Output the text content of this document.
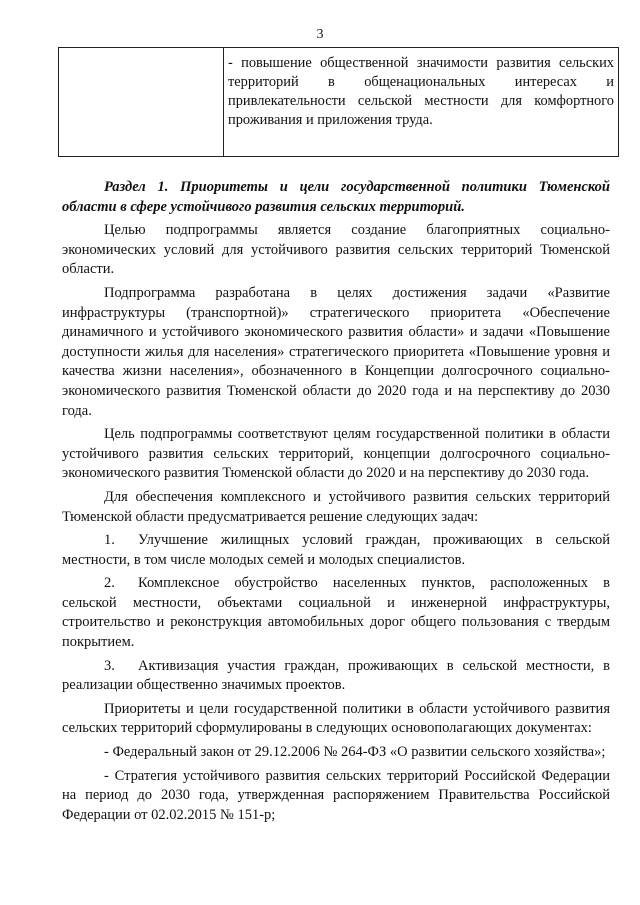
3
- повышение общественной значимости развития сельских территорий в общенациональных интересах и привлекательности сельской местности для комфортного проживания и приложения труда.

Раздел 1. Приоритеты и цели государственной политики Тюменской области в сфере устойчивого развития сельских территорий.

Целью подпрограммы является создание благоприятных социально-экономических условий для устойчивого развития сельских территорий Тюменской области.

Подпрограмма разработана в целях достижения задачи «Развитие инфраструктуры (транспортной)» стратегического приоритета «Обеспечение динамичного и устойчивого экономического развития области» и задачи «Повышение доступности жилья для населения» стратегического приоритета «Повышение уровня и качества жизни населения», обозначенного в Концепции долгосрочного социально-экономического развития Тюменской области до 2020 года и на перспективу до 2030 года.

Цель подпрограммы соответствуют целям государственной политики в области устойчивого развития сельских территорий, концепции долгосрочного социально-экономического развития Тюменской области до 2020 и на перспективу до 2030 года.

Для обеспечения комплексного и устойчивого развития сельских территорий Тюменской области предусматривается решение следующих задач:

1. Улучшение жилищных условий граждан, проживающих в сельской местности, в том числе молодых семей и молодых специалистов.

2. Комплексное обустройство населенных пунктов, расположенных в сельской местности, объектами социальной и инженерной инфраструктуры, строительство и реконструкция автомобильных дорог общего пользования с твердым покрытием.

3. Активизация участия граждан, проживающих в сельской местности, в реализации общественно значимых проектов.

Приоритеты и цели государственной политики в области устойчивого развития сельских территорий сформулированы в следующих основополагающих документах:

- Федеральный закон от 29.12.2006 № 264-ФЗ «О развитии сельского хозяйства»;

- Стратегия устойчивого развития сельских территорий Российской Федерации на период до 2030 года, утвержденная распоряжением Правительства Российской Федерации от 02.02.2015 № 151-р;
